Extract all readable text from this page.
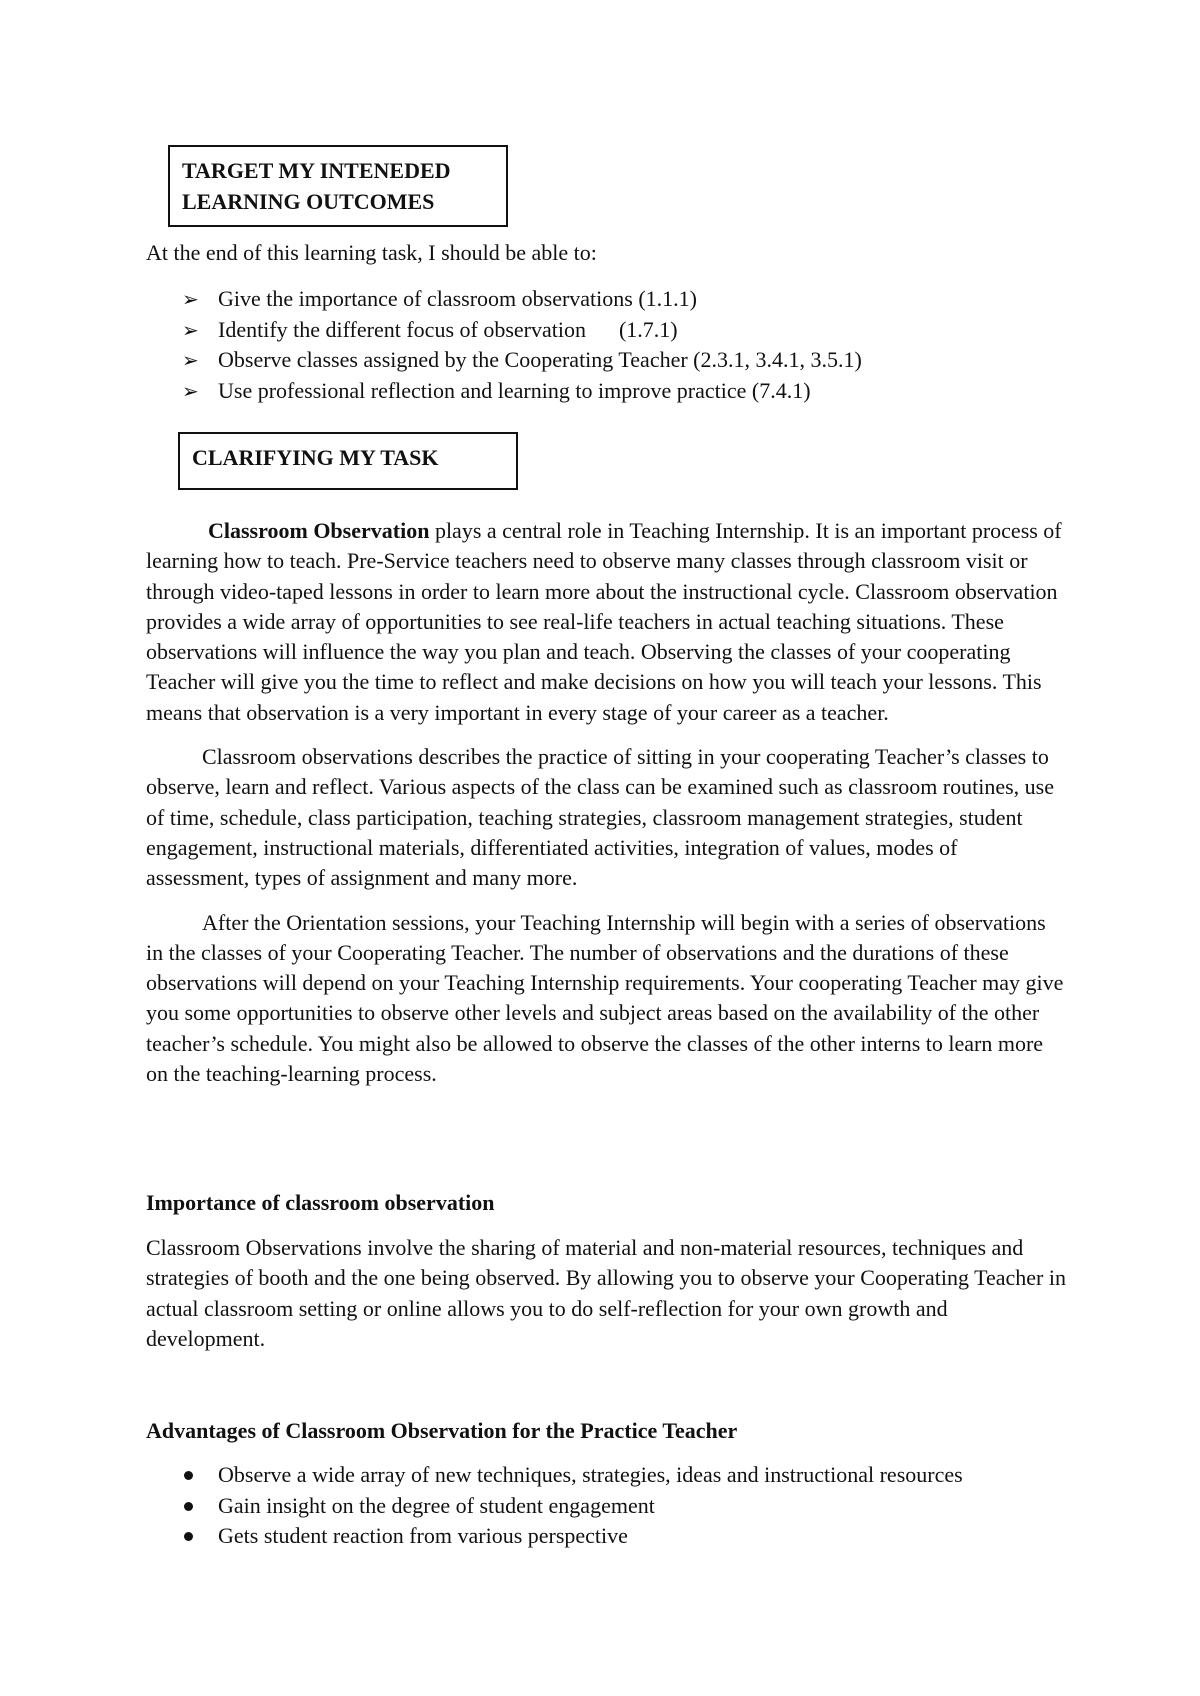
TARGET MY INTENEDED
LEARNING OUTCOMES
At the end of this learning task, I should be able to:
➢ Give the importance of classroom observations (1.1.1)
➢ Identify the different focus of observation      (1.7.1)
➢ Observe classes assigned by the Cooperating Teacher (2.3.1, 3.4.1, 3.5.1)
➢ Use professional reflection and learning to improve practice (7.4.1)
CLARIFYING MY TASK

Classroom Observation plays a central role in Teaching Internship. It is an important process of learning how to teach. Pre-Service teachers need to observe many classes through classroom visit or through video-taped lessons in order to learn more about the instructional cycle. Classroom observation provides a wide array of opportunities to see real-life teachers in actual teaching situations. These observations will influence the way you plan and teach. Observing the classes of your cooperating Teacher will give you the time to reflect and make decisions on how you will teach your lessons. This means that observation is a very important in every stage of your career as a teacher.

Classroom observations describes the practice of sitting in your cooperating Teacher’s classes to observe, learn and reflect. Various aspects of the class can be examined such as classroom routines, use of time, schedule, class participation, teaching strategies, classroom management strategies, student engagement, instructional materials, differentiated activities, integration of values, modes of assessment, types of assignment and many more.

After the Orientation sessions, your Teaching Internship will begin with a series of observations in the classes of your Cooperating Teacher. The number of observations and the durations of these observations will depend on your Teaching Internship requirements. Your cooperating Teacher may give you some opportunities to observe other levels and subject areas based on the availability of the other teacher’s schedule. You might also be allowed to observe the classes of the other interns to learn more on the teaching-learning process.

Importance of classroom observation

Classroom Observations involve the sharing of material and non-material resources, techniques and strategies of booth and the one being observed. By allowing you to observe your Cooperating Teacher in actual classroom setting or online allows you to do self-reflection for your own growth and development.

Advantages of Classroom Observation for the Practice Teacher
Observe a wide array of new techniques, strategies, ideas and instructional resources
Gain insight on the degree of student engagement
Gets student reaction from various perspective
